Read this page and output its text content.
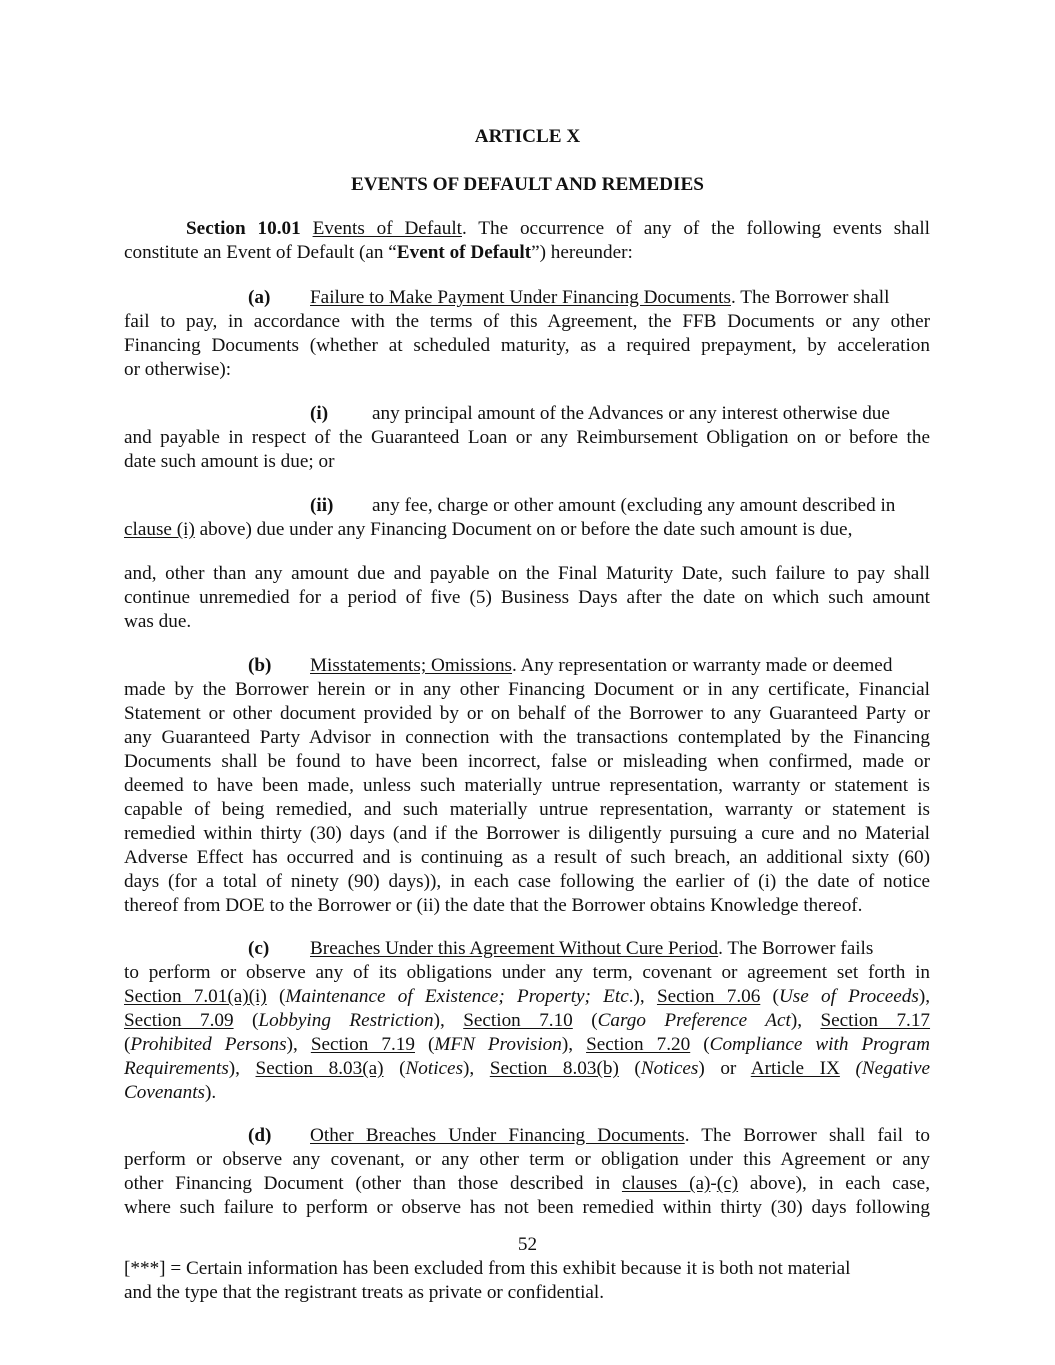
ARTICLE X
EVENTS OF DEFAULT AND REMEDIES
Section 10.01 Events of Default. The occurrence of any of the following events shall
constitute an Event of Default (an “Event of Default”) hereunder:
(a) Failure to Make Payment Under Financing Documents. The Borrower shall
fail to pay, in accordance with the terms of this Agreement, the FFB Documents or any other
Financing Documents (whether at scheduled maturity, as a required prepayment, by acceleration
or otherwise):
(i) any principal amount of the Advances or any interest otherwise due
and payable in respect of the Guaranteed Loan or any Reimbursement Obligation on or before the
date such amount is due; or
(ii) any fee, charge or other amount (excluding any amount described in
clause (i) above) due under any Financing Document on or before the date such amount is due,
and, other than any amount due and payable on the Final Maturity Date, such failure to pay shall
continue unremedied for a period of five (5) Business Days after the date on which such amount
was due.
(b) Misstatements; Omissions. Any representation or warranty made or deemed
made by the Borrower herein or in any other Financing Document or in any certificate, Financial
Statement or other document provided by or on behalf of the Borrower to any Guaranteed Party or
any Guaranteed Party Advisor in connection with the transactions contemplated by the Financing
Documents shall be found to have been incorrect, false or misleading when confirmed, made or
deemed to have been made, unless such materially untrue representation, warranty or statement is
capable of being remedied, and such materially untrue representation, warranty or statement is
remedied within thirty (30) days (and if the Borrower is diligently pursuing a cure and no Material
Adverse Effect has occurred and is continuing as a result of such breach, an additional sixty (60)
days (for a total of ninety (90) days)), in each case following the earlier of (i) the date of notice
thereof from DOE to the Borrower or (ii) the date that the Borrower obtains Knowledge thereof.
(c) Breaches Under this Agreement Without Cure Period. The Borrower fails
to perform or observe any of its obligations under any term, covenant or agreement set forth in
Section 7.01(a)(i) (Maintenance of Existence; Property; Etc.), Section 7.06 (Use of Proceeds),
Section 7.09 (Lobbying Restriction), Section 7.10 (Cargo Preference Act), Section 7.17
(Prohibited Persons), Section 7.19 (MFN Provision), Section 7.20 (Compliance with Program
Requirements), Section 8.03(a) (Notices), Section 8.03(b) (Notices) or Article IX (Negative
Covenants).
(d) Other Breaches Under Financing Documents. The Borrower shall fail to
perform or observe any covenant, or any other term or obligation under this Agreement or any
other Financing Document (other than those described in clauses (a)-(c) above), in each case,
where such failure to perform or observe has not been remedied within thirty (30) days following
52
[***] = Certain information has been excluded from this exhibit because it is both not material
and the type that the registrant treats as private or confidential.
